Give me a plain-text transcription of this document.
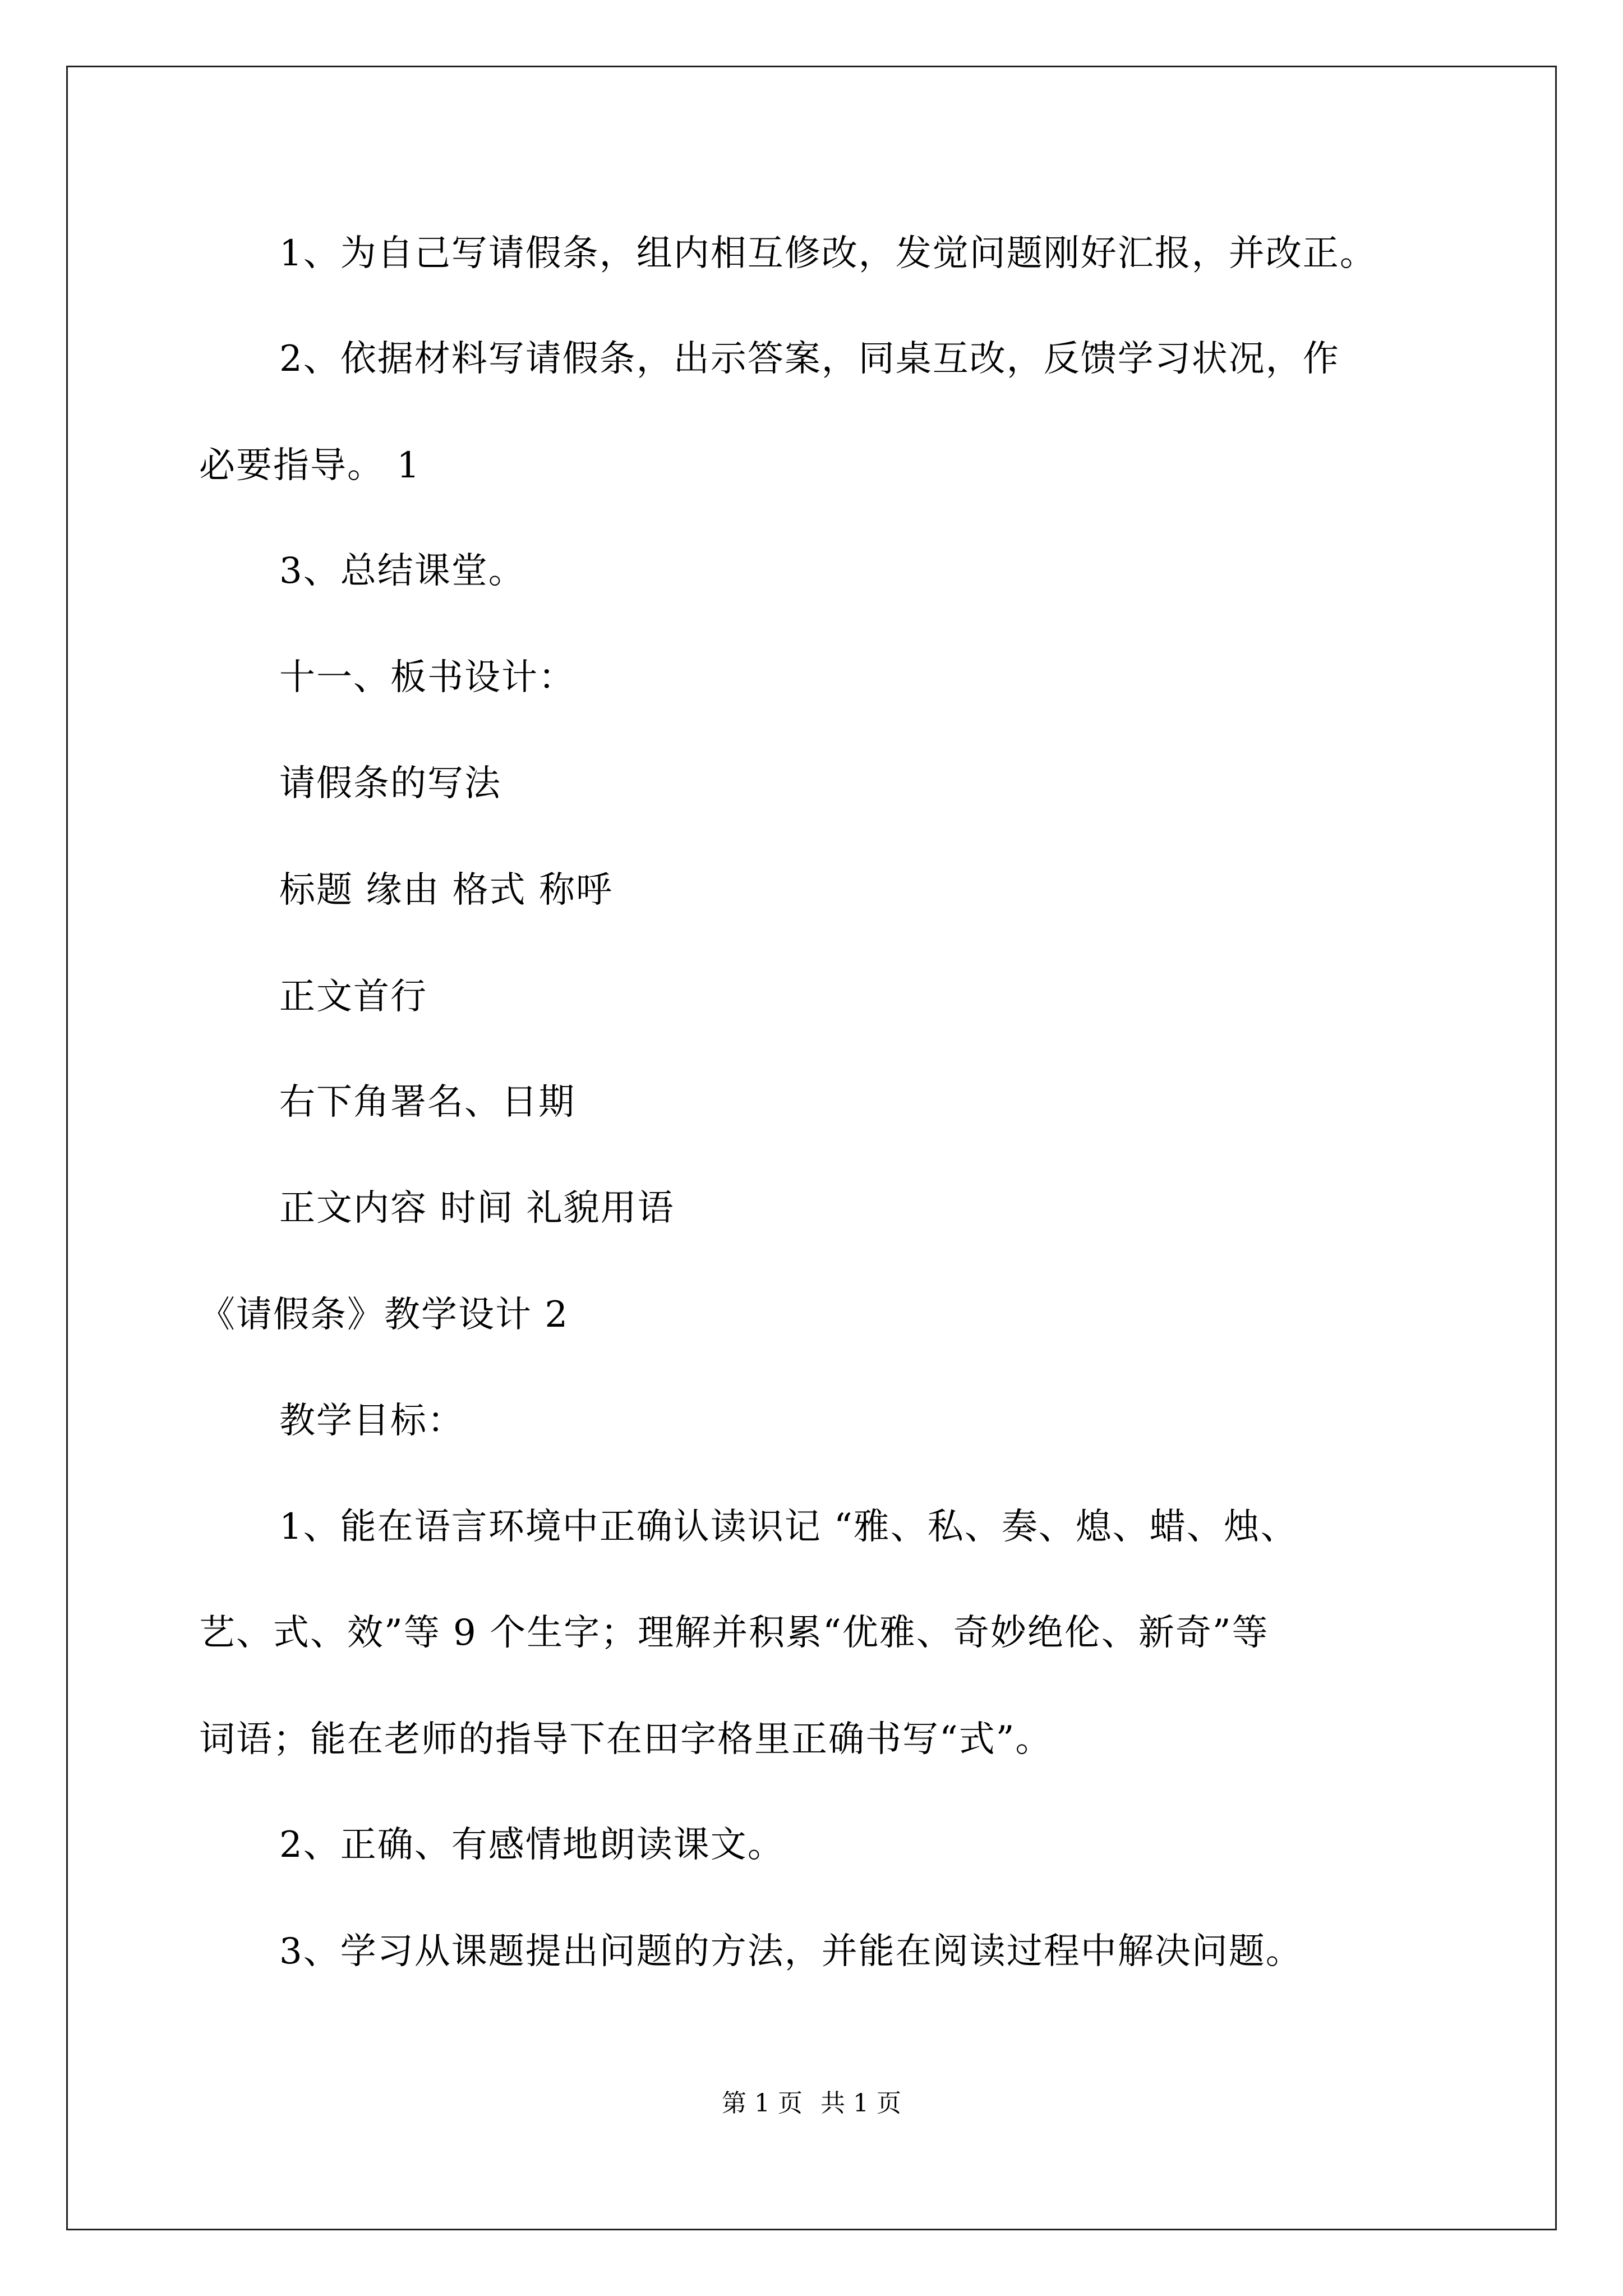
1、为自己写请假条，组内相互修改，发觉问题刚好汇报，并改正。

2、依据材料写请假条，出示答案，同桌互改，反馈学习状况，作

必要指导。 1

3、总结课堂。

十一、板书设计：

请假条的写法

标题 缘由 格式 称呼

正文首行

右下角署名、日期

正文内容 时间 礼貌用语

《请假条》教学设计 2

教学目标：

1、能在语言环境中正确认读识记 “雅、私、奏、熄、蜡、烛、

艺、式、效”等 9 个生字；理解并积累“优雅、奇妙绝伦、新奇”等

词语；能在老师的指导下在田字格里正确书写“式”。

2、正确、有感情地朗读课文。

3、学习从课题提出问题的方法，并能在阅读过程中解决问题。

第 1 页 共 1 页
